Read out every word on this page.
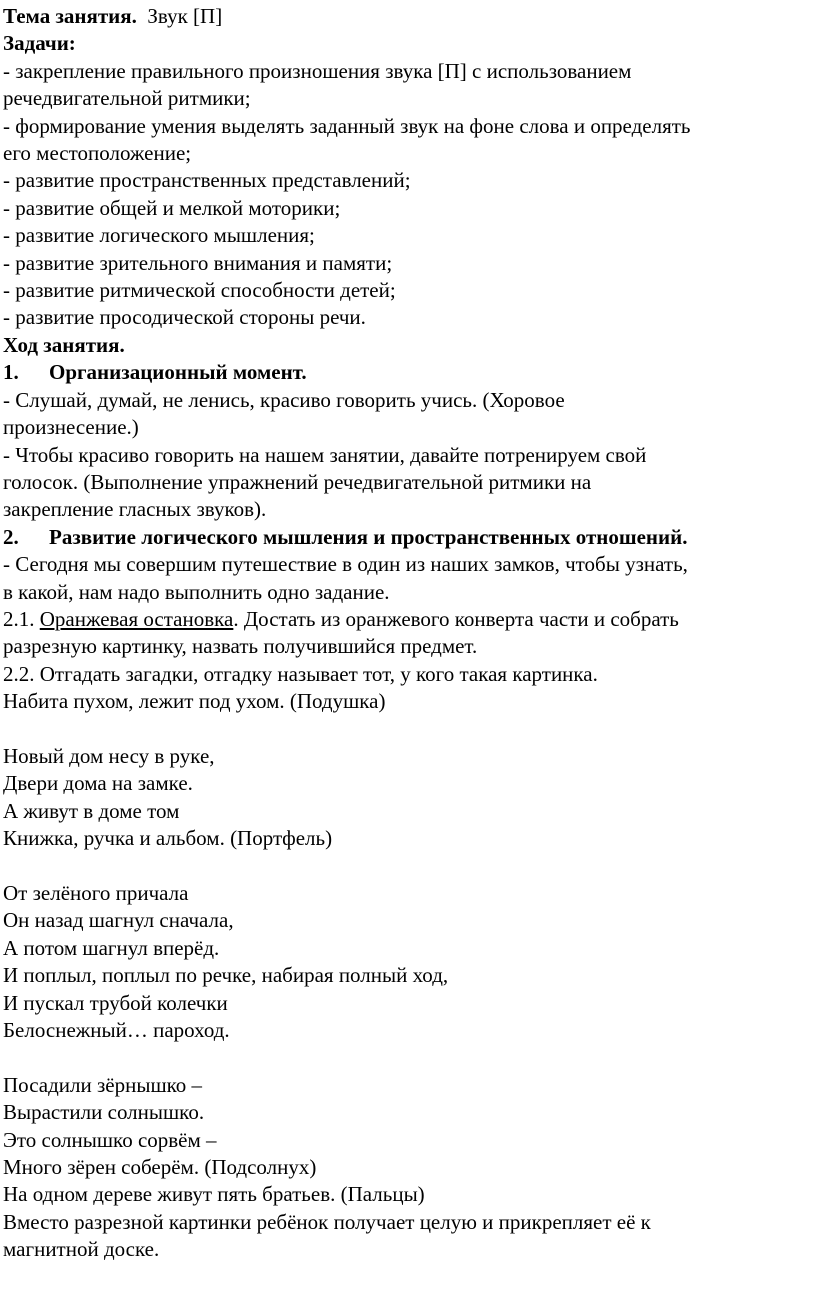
Тема занятия. Звук [П]
Задачи:
- закрепление правильного произношения звука [П] с использованием
речедвигательной ритмики;
- формирование умения выделять заданный звук на фоне слова и определять
его местоположение;
- развитие пространственных представлений;
- развитие общей и мелкой моторики;
- развитие логического мышления;
- развитие зрительного внимания и памяти;
- развитие ритмической способности детей;
- развитие просодической стороны речи.
Ход занятия.
1. Организационный момент.
- Слушай, думай, не ленись, красиво говорить учись. (Хоровое
произнесение.)
- Чтобы красиво говорить на нашем занятии, давайте потренируем свой
голосок. (Выполнение упражнений речедвигательной ритмики на
закрепление гласных звуков).
2. Развитие логического мышления и пространственных отношений.
- Сегодня мы совершим путешествие в один из наших замков, чтобы узнать,
в какой, нам надо выполнить одно задание.
2.1. Оранжевая остановка. Достать из оранжевого конверта части и собрать
разрезную картинку, назвать получившийся предмет.
2.2. Отгадать загадки, отгадку называет тот, у кого такая картинка.
Набита пухом, лежит под ухом. (Подушка)
Новый дом несу в руке,
Двери дома на замке.
А живут в доме том
Книжка, ручка и альбом. (Портфель)
От зелёного причала
Он назад шагнул сначала,
А потом шагнул вперёд.
И поплыл, поплыл по речке, набирая полный ход,
И пускал трубой колечки
Белоснежный… пароход.
Посадили зёрнышко –
Вырастили солнышко.
Это солнышко сорвём –
Много зёрен соберём. (Подсолнух)
На одном дереве живут пять братьев. (Пальцы)
Вместо разрезной картинки ребёнок получает целую и прикрепляет её к
магнитной доске.
